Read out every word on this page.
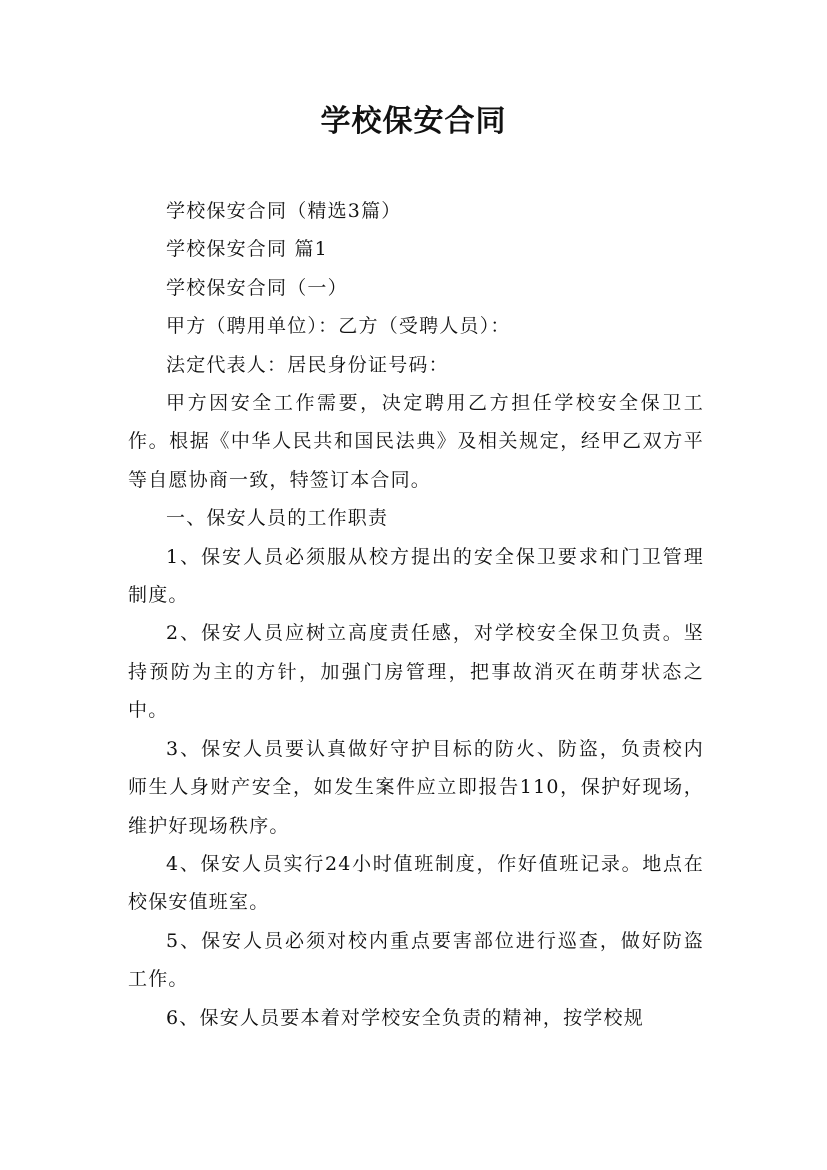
学校保安合同

学校保安合同（精选3篇）

学校保安合同 篇1

学校保安合同（一）

甲方（聘用单位）：乙方（受聘人员）：

法定代表人：居民身份证号码：

甲方因安全工作需要，决定聘用乙方担任学校安全保卫工作。根据《中华人民共和国民法典》及相关规定，经甲乙双方平等自愿协商一致，特签订本合同。

一、保安人员的工作职责

1、保安人员必须服从校方提出的安全保卫要求和门卫管理制度。

2、保安人员应树立高度责任感，对学校安全保卫负责。坚持预防为主的方针，加强门房管理，把事故消灭在萌芽状态之中。

3、保安人员要认真做好守护目标的防火、防盗，负责校内师生人身财产安全，如发生案件应立即报告110，保护好现场，维护好现场秩序。

4、保安人员实行24小时值班制度，作好值班记录。地点在校保安值班室。

5、保安人员必须对校内重点要害部位进行巡查，做好防盗工作。

6、保安人员要本着对学校安全负责的精神，按学校规
